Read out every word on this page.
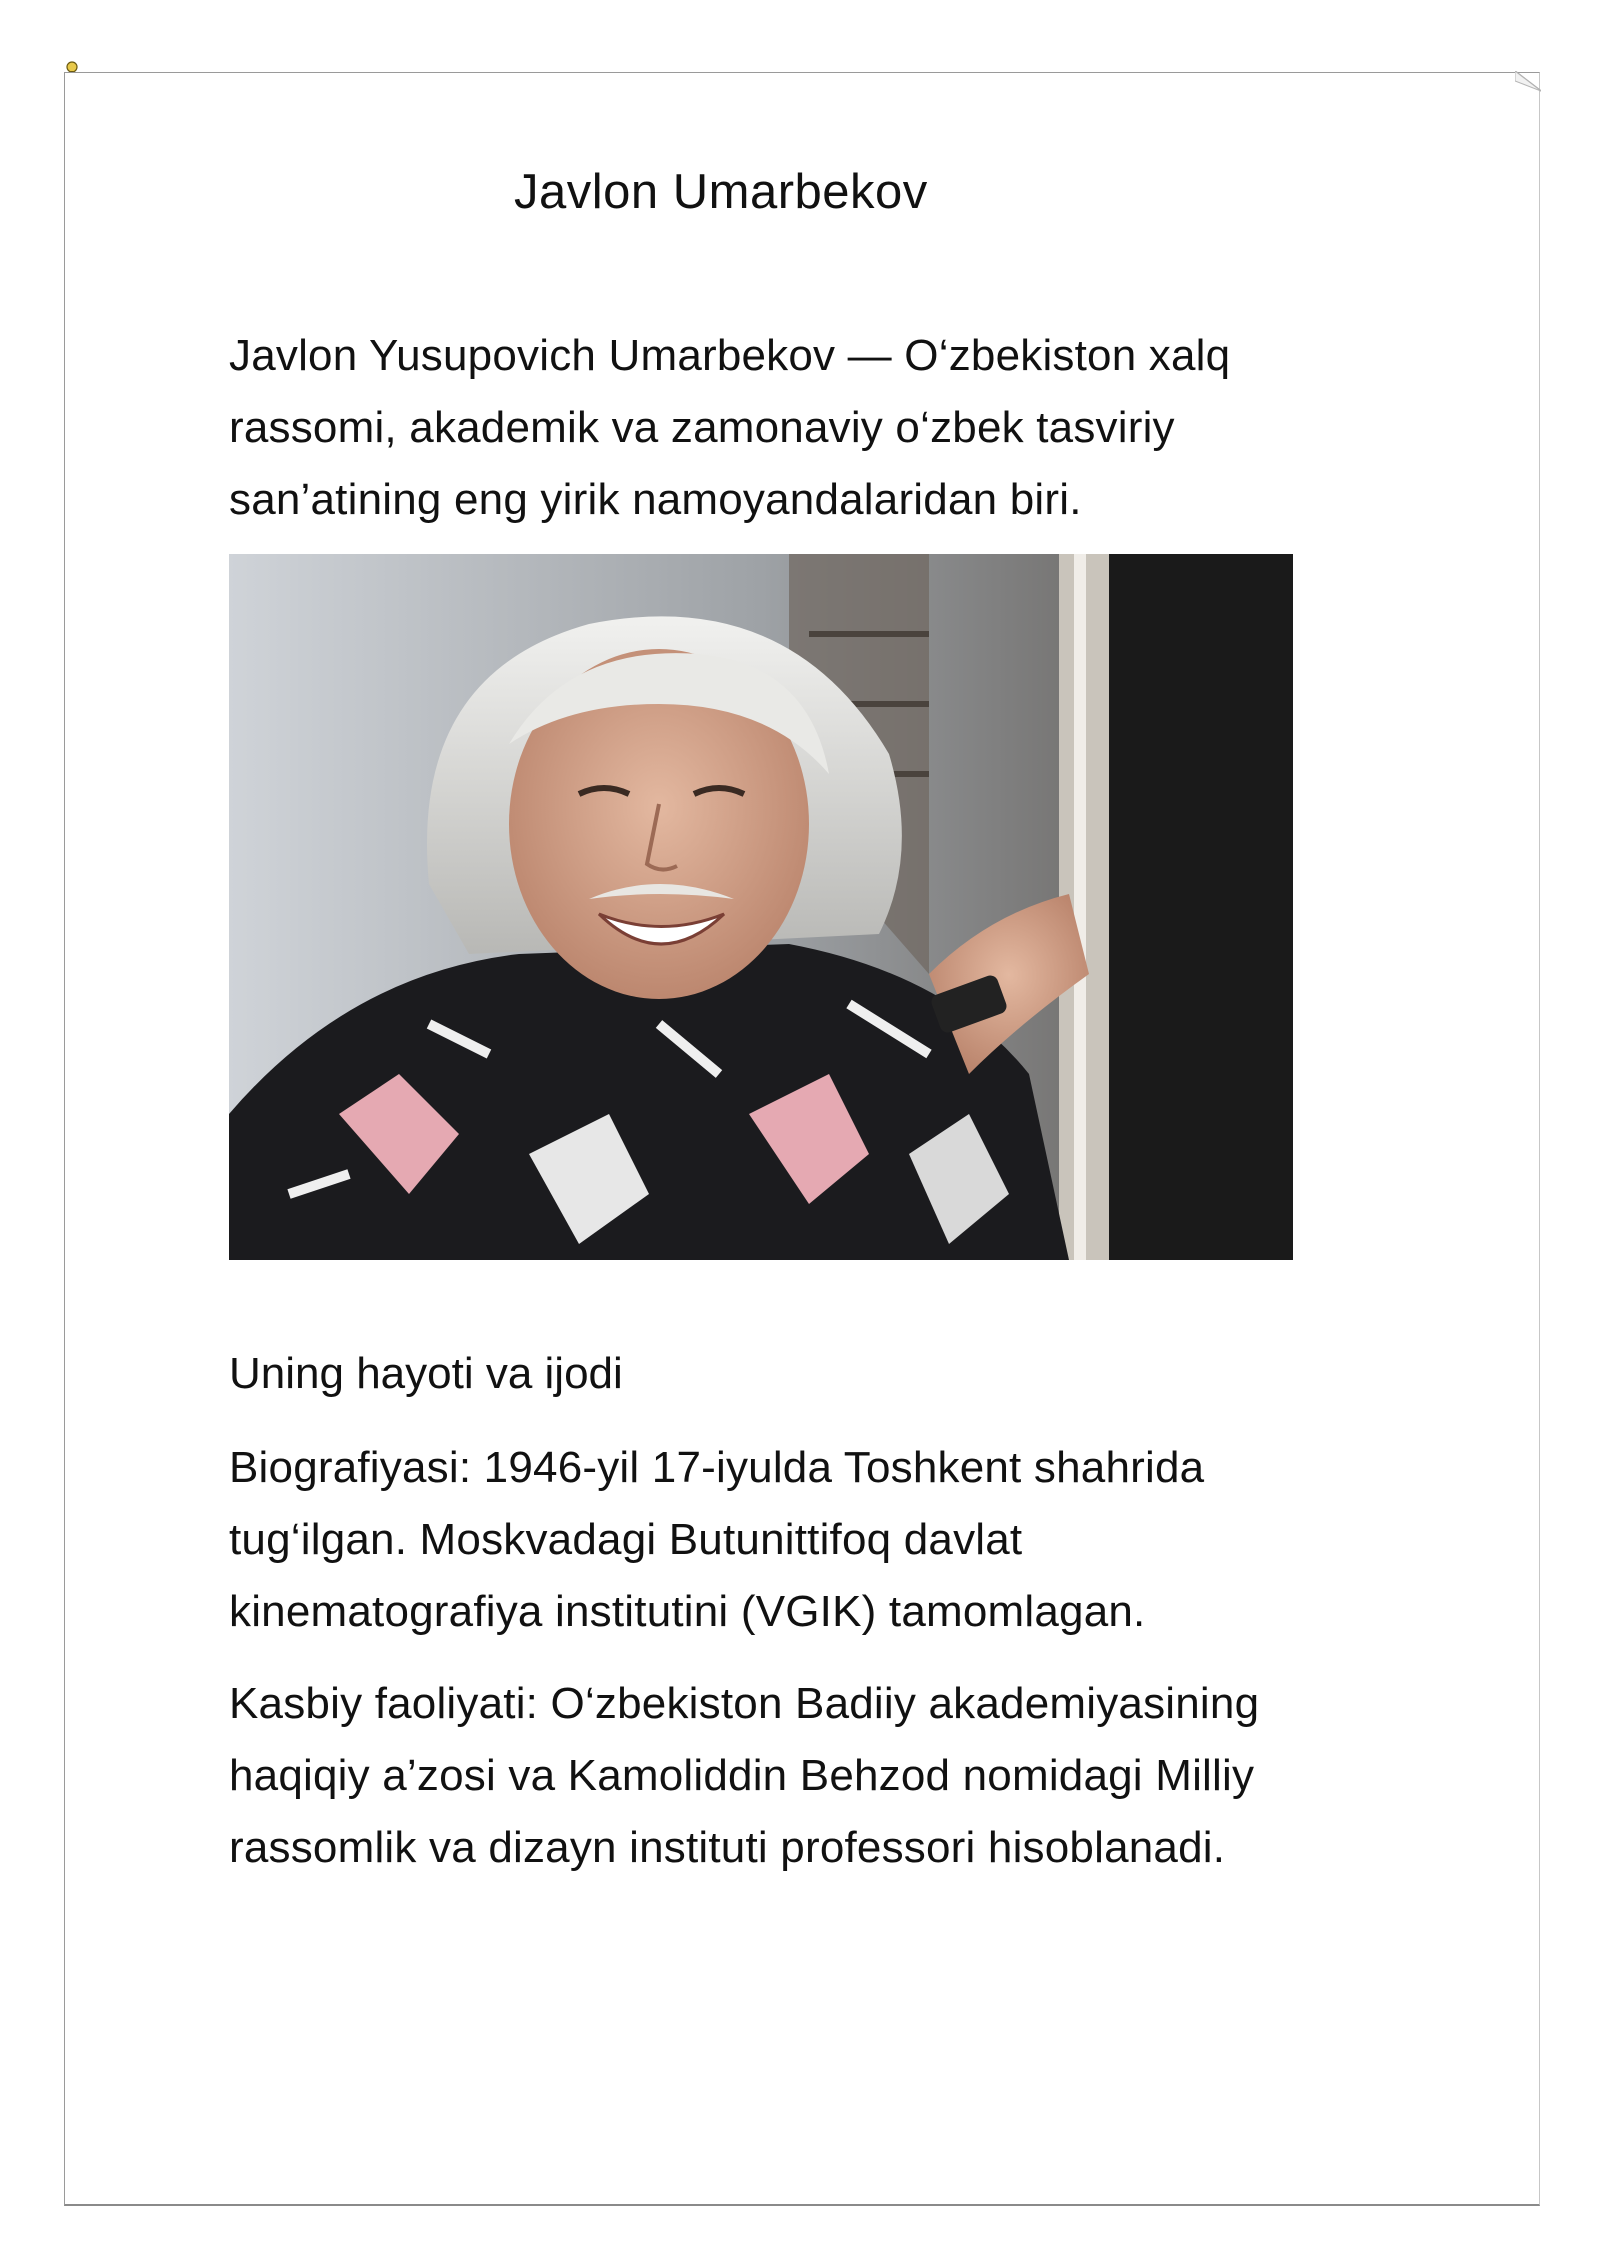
Javlon Umarbekov
Javlon Yusupovich Umarbekov — O‘zbekiston xalq
rassomi, akademik va zamonaviy o‘zbek tasviriy
san’atining eng yirik namoyandalaridan biri.
Uning hayoti va ijodi
Biografiyasi: 1946-yil 17-iyulda Toshkent shahrida
tug‘ilgan. Moskvadagi Butunittifoq davlat
kinematografiya institutini (VGIK) tamomlagan.
Kasbiy faoliyati: O‘zbekiston Badiiy akademiyasining
haqiqiy a’zosi va Kamoliddin Behzod nomidagi Milliy
rassomlik va dizayn instituti professori hisoblanadi.
